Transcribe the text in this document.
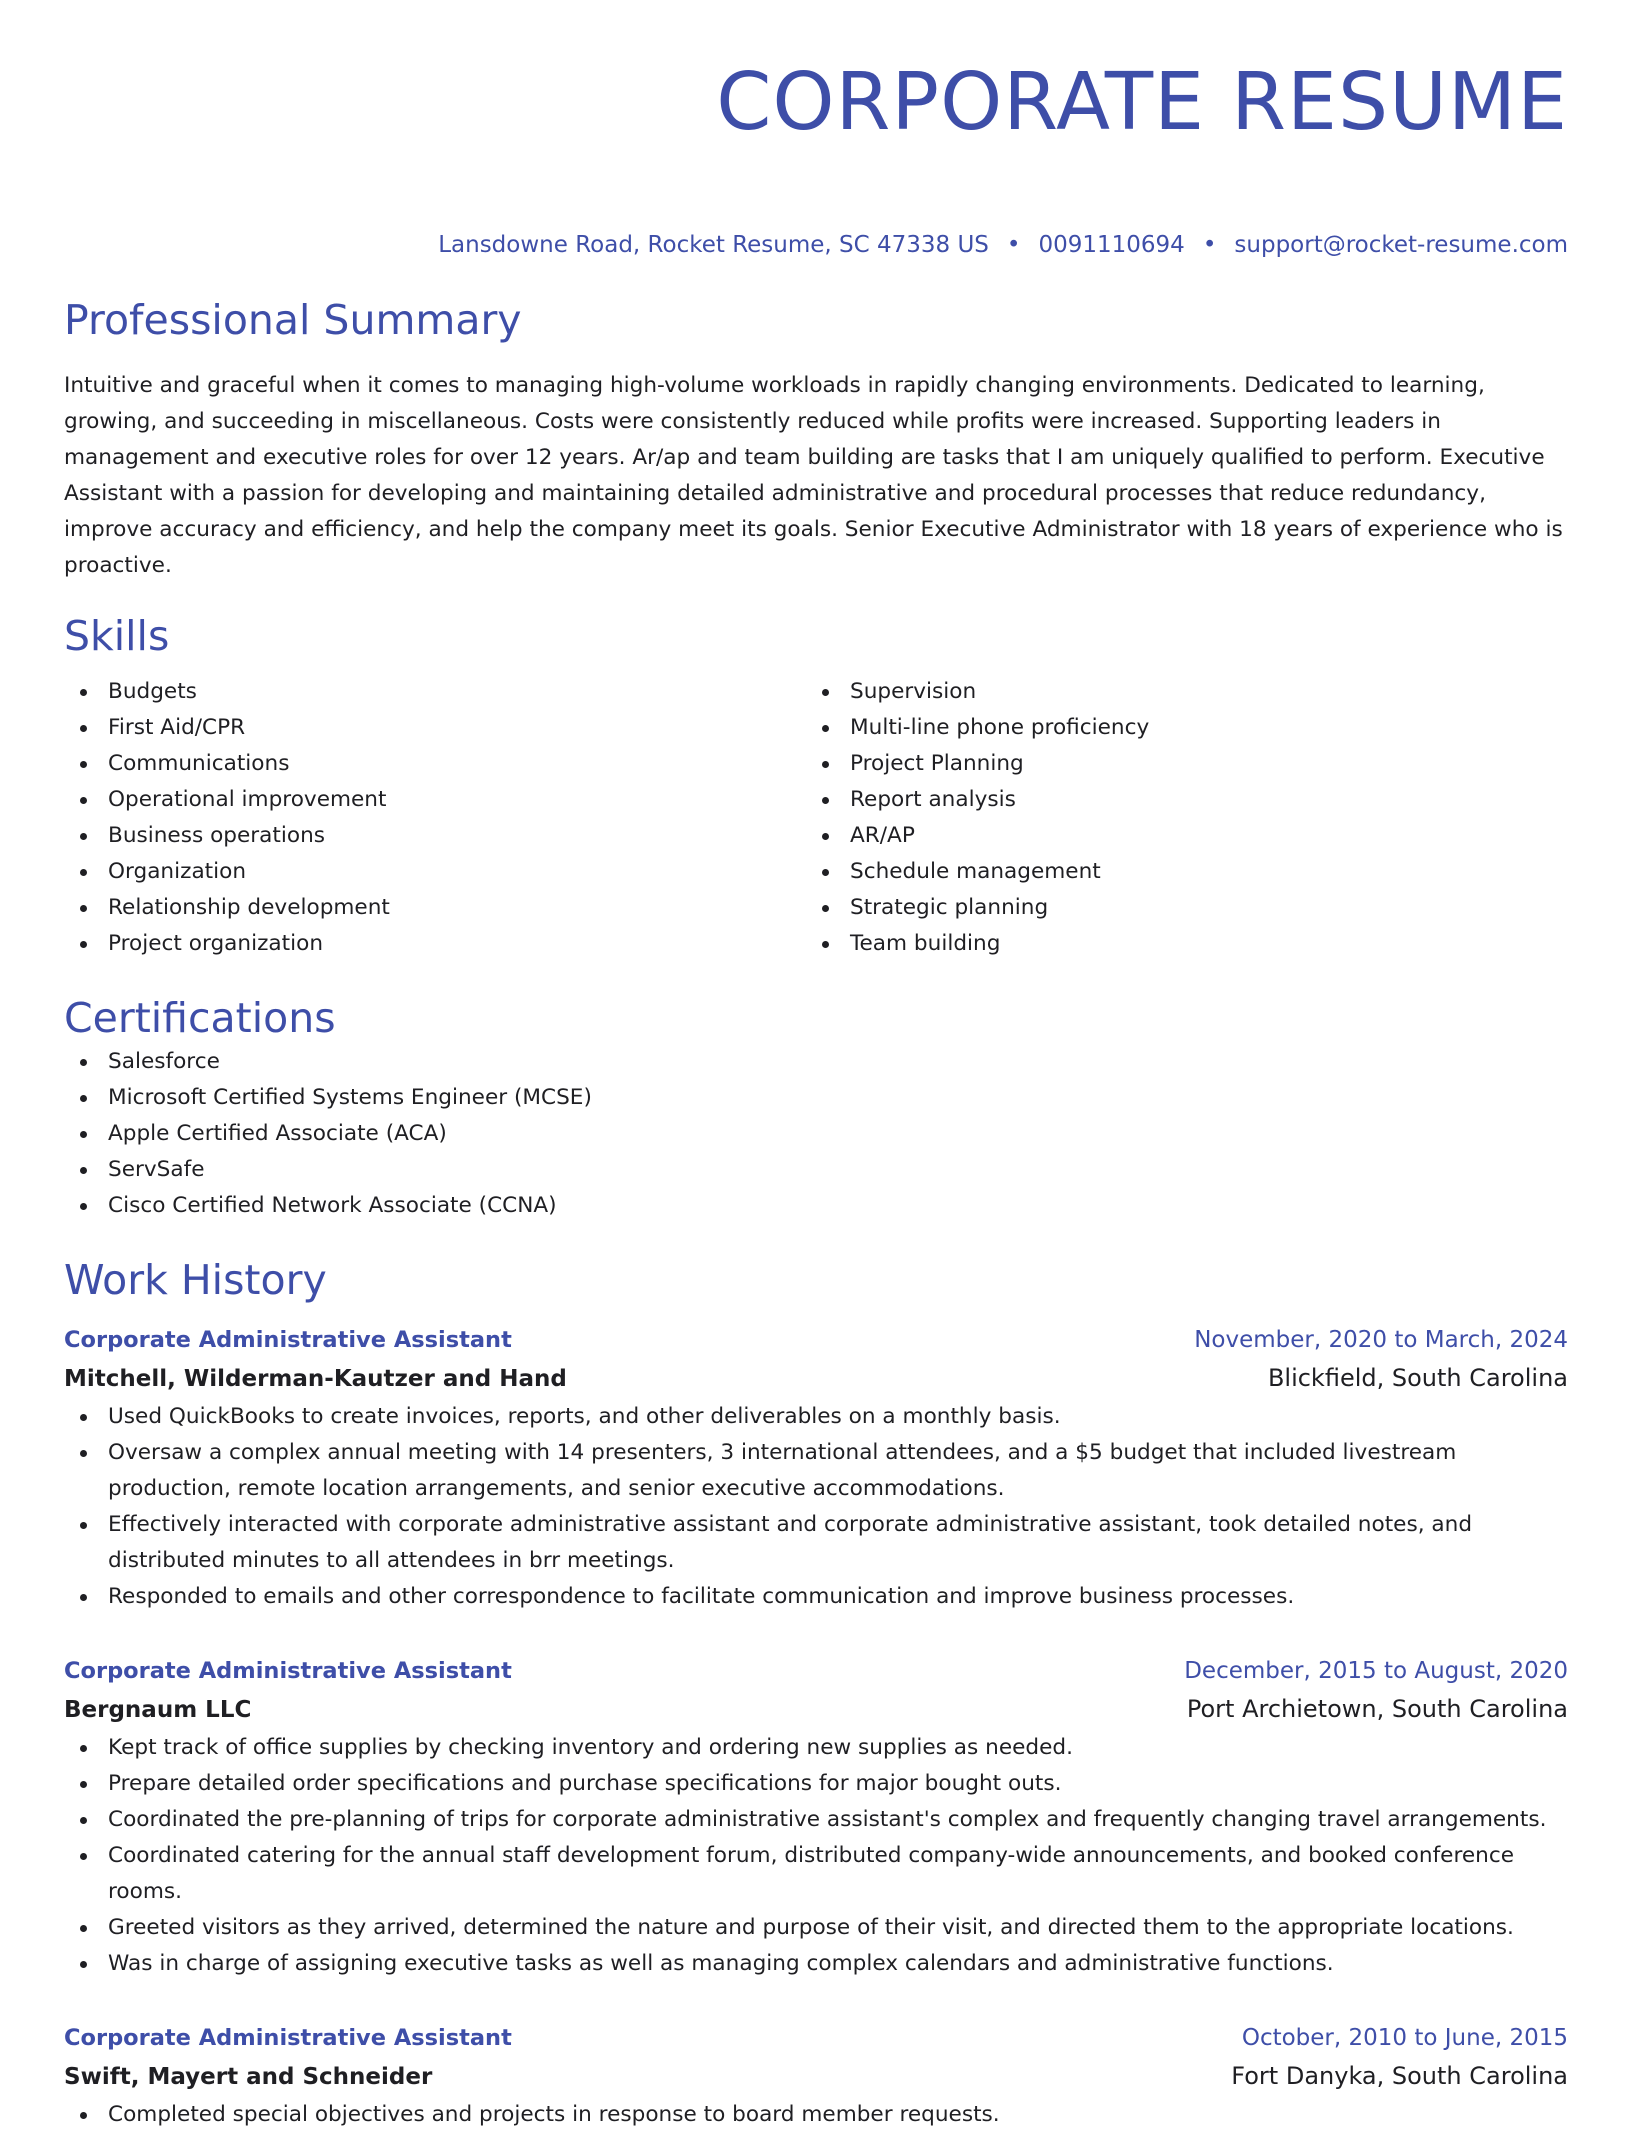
CORPORATE RESUME
Lansdowne Road, Rocket Resume, SC 47338 US • 0091110694 • support@rocket-resume.com
Professional Summary

Intuitive and graceful when it comes to managing high-volume workloads in rapidly changing environments. Dedicated to learning, growing, and succeeding in miscellaneous. Costs were consistently reduced while profits were increased. Supporting leaders in management and executive roles for over 12 years. Ar/ap and team building are tasks that I am uniquely qualified to perform. Executive Assistant with a passion for developing and maintaining detailed administrative and procedural processes that reduce redundancy, improve accuracy and efficiency, and help the company meet its goals. Senior Executive Administrator with 18 years of experience who is proactive.

Skills
Budgets
First Aid/CPR
Communications
Operational improvement
Business operations
Organization
Relationship development
Project organization
Supervision
Multi-line phone proficiency
Project Planning
Report analysis
AR/AP
Schedule management
Strategic planning
Team building
Certifications
Salesforce
Microsoft Certified Systems Engineer (MCSE)
Apple Certified Associate (ACA)
ServSafe
Cisco Certified Network Associate (CCNA)
Work History
Corporate Administrative Assistant	November, 2020 to March, 2024
Mitchell, Wilderman-Kautzer and Hand	Blickfield, South Carolina
Used QuickBooks to create invoices, reports, and other deliverables on a monthly basis.
Oversaw a complex annual meeting with 14 presenters, 3 international attendees, and a $5 budget that included livestream production, remote location arrangements, and senior executive accommodations.
Effectively interacted with corporate administrative assistant and corporate administrative assistant, took detailed notes, and distributed minutes to all attendees in brr meetings.
Responded to emails and other correspondence to facilitate communication and improve business processes.
Corporate Administrative Assistant	December, 2015 to August, 2020
Bergnaum LLC	Port Archietown, South Carolina
Kept track of office supplies by checking inventory and ordering new supplies as needed.
Prepare detailed order specifications and purchase specifications for major bought outs.
Coordinated the pre-planning of trips for corporate administrative assistant's complex and frequently changing travel arrangements.
Coordinated catering for the annual staff development forum, distributed company-wide announcements, and booked conference rooms.
Greeted visitors as they arrived, determined the nature and purpose of their visit, and directed them to the appropriate locations.
Was in charge of assigning executive tasks as well as managing complex calendars and administrative functions.
Corporate Administrative Assistant	October, 2010 to June, 2015
Swift, Mayert and Schneider	Fort Danyka, South Carolina
Completed special objectives and projects in response to board member requests.
